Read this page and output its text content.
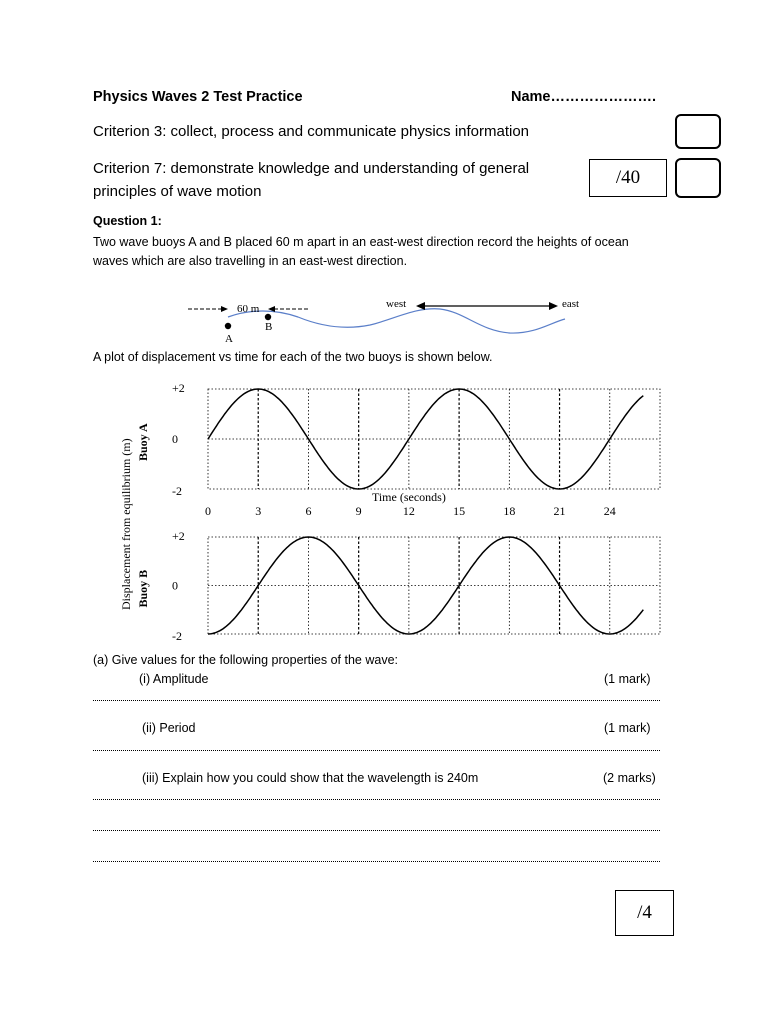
Physics Waves 2 Test Practice	Name………………….
Criterion 3: collect, process and communicate physics information
Criterion 7: demonstrate knowledge and understanding of general principles of wave motion
/40
Question 1:
Two wave buoys A and B placed 60 m apart in an east-west direction record the heights of ocean waves which are also travelling in an east-west direction.
60 m
A
B
west	east
A plot of displacement vs time for each of the two buoys is shown below.
Displacement from equilibrium (m)
+2
0
-2
Buoy A
0	3	6	9	12	15	18	21	24
Time (seconds)
+2
0
-2
Buoy B
(a) Give values for the following properties of the wave:
(i) Amplitude	(1 mark)
(ii) Period	(1 mark)
(iii) Explain how you could show that the wavelength is 240m	(2 marks)
/4
